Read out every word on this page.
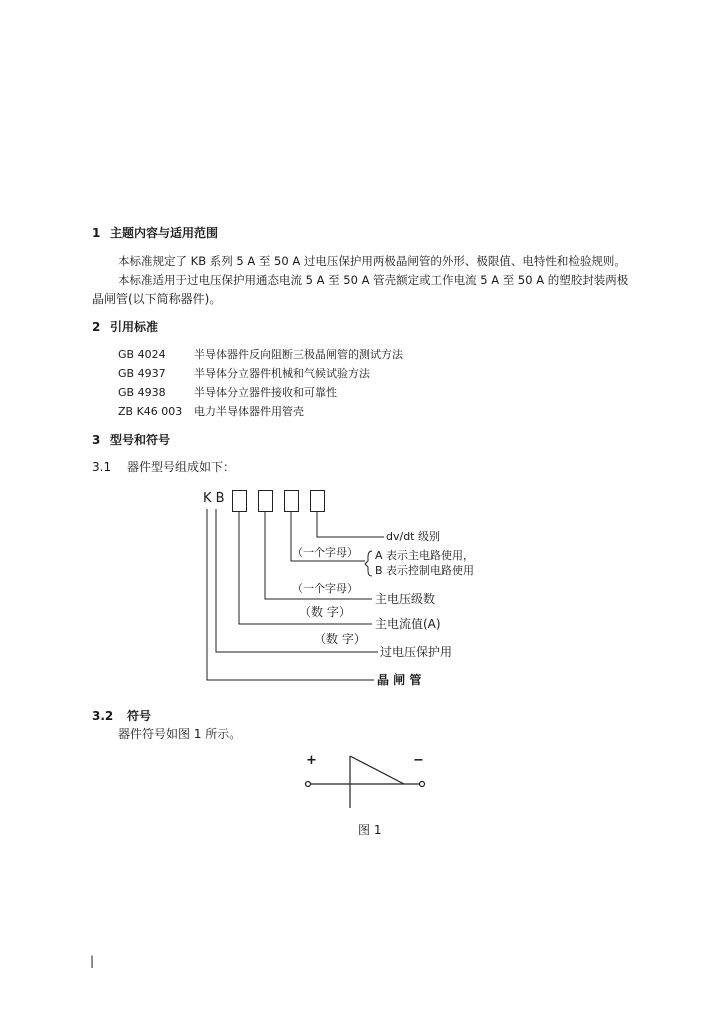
1 主题内容与适用范围
本标准规定了 KB 系列 5 A 至 50 A 过电压保护用两极晶闸管的外形、极限值、电特性和检验规则。
本标准适用于过电压保护用通态电流 5 A 至 50 A 管壳额定或工作电流 5 A 至 50 A 的塑胶封装两极
晶闸管(以下简称器件)。
2 引用标准
GB 4024	半导体器件反向阻断三极晶闸管的测试方法
GB 4937	半导体分立器件机械和气候试验方法
GB 4938	半导体分立器件接收和可靠性
ZB K46 003 电力半导体器件用管壳
3 型号和符号
3.1 器件型号组成如下：
K B
dv/dt 级别
（一个字母） A 表示主电路使用，
B 表示控制电路使用
（一个字母）
主电压级数
（数 字）
主电流值(A)
（数 字）
过电压保护用
晶 闸 管
3.2 符号
器件符号如图 1 所示。
+	−
图 1
|
